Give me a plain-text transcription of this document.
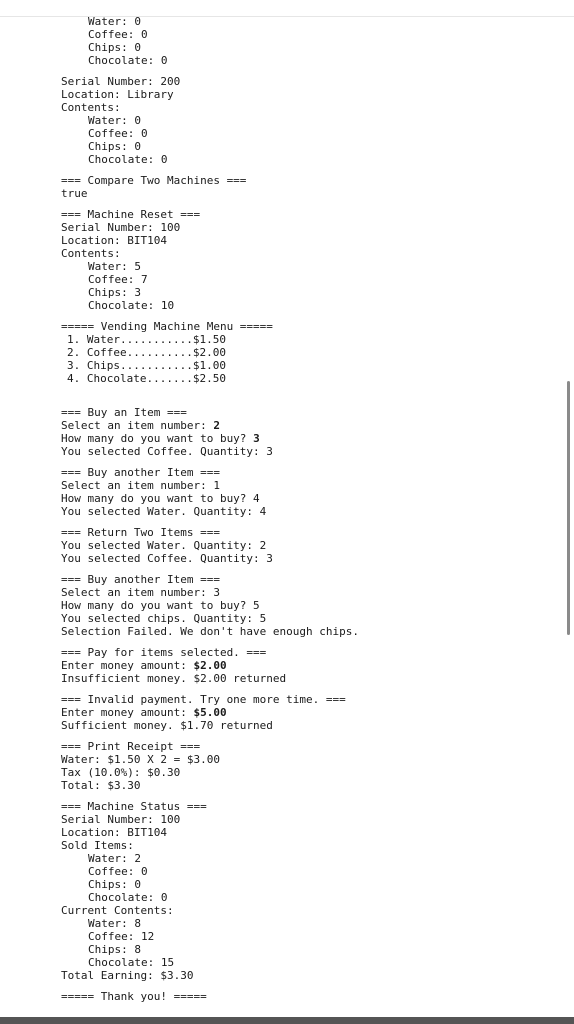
Water: 0
Coffee: 0
Chips: 0
Chocolate: 0
Serial Number: 200
Location: Library
Contents:
Water: 0
Coffee: 0
Chips: 0
Chocolate: 0
=== Compare Two Machines ===
true
=== Machine Reset ===
Serial Number: 100
Location: BIT104
Contents:
Water: 5
Coffee: 7
Chips: 3
Chocolate: 10
===== Vending Machine Menu =====
1. Water...........$1.50
2. Coffee..........$2.00
3. Chips...........$1.00
4. Chocolate.......$2.50
=== Buy an Item ===
Select an item number: 2
How many do you want to buy? 3
You selected Coffee. Quantity: 3
=== Buy another Item ===
Select an item number: 1
How many do you want to buy? 4
You selected Water. Quantity: 4
=== Return Two Items ===
You selected Water. Quantity: 2
You selected Coffee. Quantity: 3
=== Buy another Item ===
Select an item number: 3
How many do you want to buy? 5
You selected chips. Quantity: 5
Selection Failed. We don't have enough chips.
=== Pay for items selected. ===
Enter money amount: $2.00
Insufficient money. $2.00 returned
=== Invalid payment. Try one more time. ===
Enter money amount: $5.00
Sufficient money. $1.70 returned
=== Print Receipt ===
Water: $1.50 X 2 = $3.00
Tax (10.0%): $0.30
Total: $3.30
=== Machine Status ===
Serial Number: 100
Location: BIT104
Sold Items:
Water: 2
Coffee: 0
Chips: 0
Chocolate: 0
Current Contents:
Water: 8
Coffee: 12
Chips: 8
Chocolate: 15
Total Earning: $3.30
===== Thank you! =====
